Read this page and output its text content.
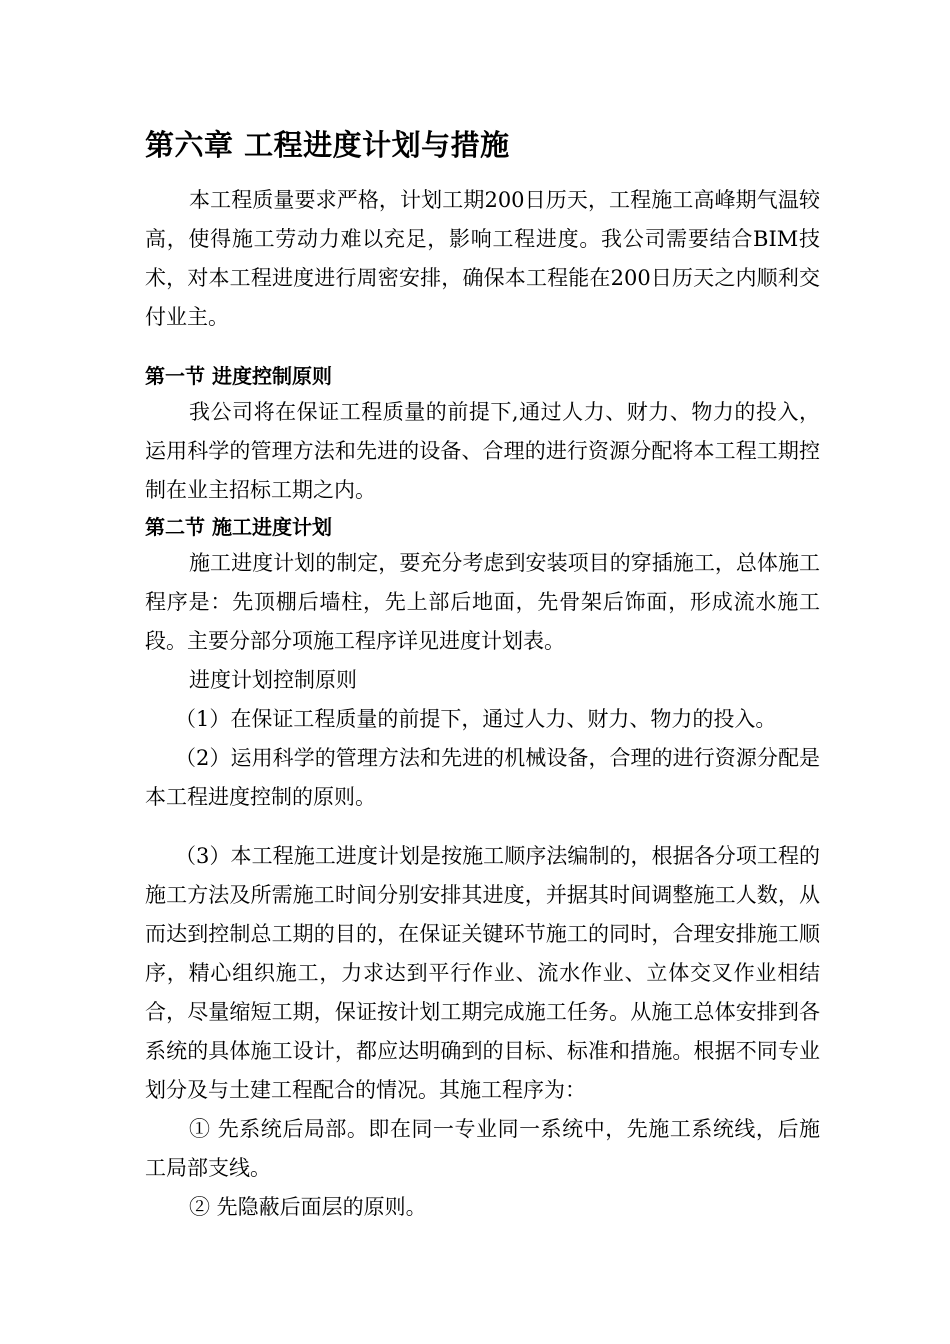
第六章 工程进度计划与措施

本工程质量要求严格，计划工期200日历天，工程施工高峰期气温较高，使得施工劳动力难以充足，影响工程进度。我公司需要结合BIM技术，对本工程进度进行周密安排，确保本工程能在200日历天之内顺利交付业主。

第一节 进度控制原则

我公司将在保证工程质量的前提下,通过人力、财力、物力的投入，运用科学的管理方法和先进的设备、合理的进行资源分配将本工程工期控制在业主招标工期之内。

第二节 施工进度计划

施工进度计划的制定，要充分考虑到安装项目的穿插施工，总体施工程序是：先顶棚后墙柱，先上部后地面，先骨架后饰面，形成流水施工段。主要分部分项施工程序详见进度计划表。

进度计划控制原则

（1）在保证工程质量的前提下，通过人力、财力、物力的投入。

（2）运用科学的管理方法和先进的机械设备，合理的进行资源分配是本工程进度控制的原则。

（3）本工程施工进度计划是按施工顺序法编制的，根据各分项工程的施工方法及所需施工时间分别安排其进度，并据其时间调整施工人数，从而达到控制总工期的目的，在保证关键环节施工的同时，合理安排施工顺序，精心组织施工，力求达到平行作业、流水作业、立体交叉作业相结合，尽量缩短工期，保证按计划工期完成施工任务。从施工总体安排到各系统的具体施工设计，都应达明确到的目标、标准和措施。根据不同专业划分及与土建工程配合的情况。其施工程序为：

① 先系统后局部。即在同一专业同一系统中，先施工系统线，后施工局部支线。

② 先隐蔽后面层的原则。
